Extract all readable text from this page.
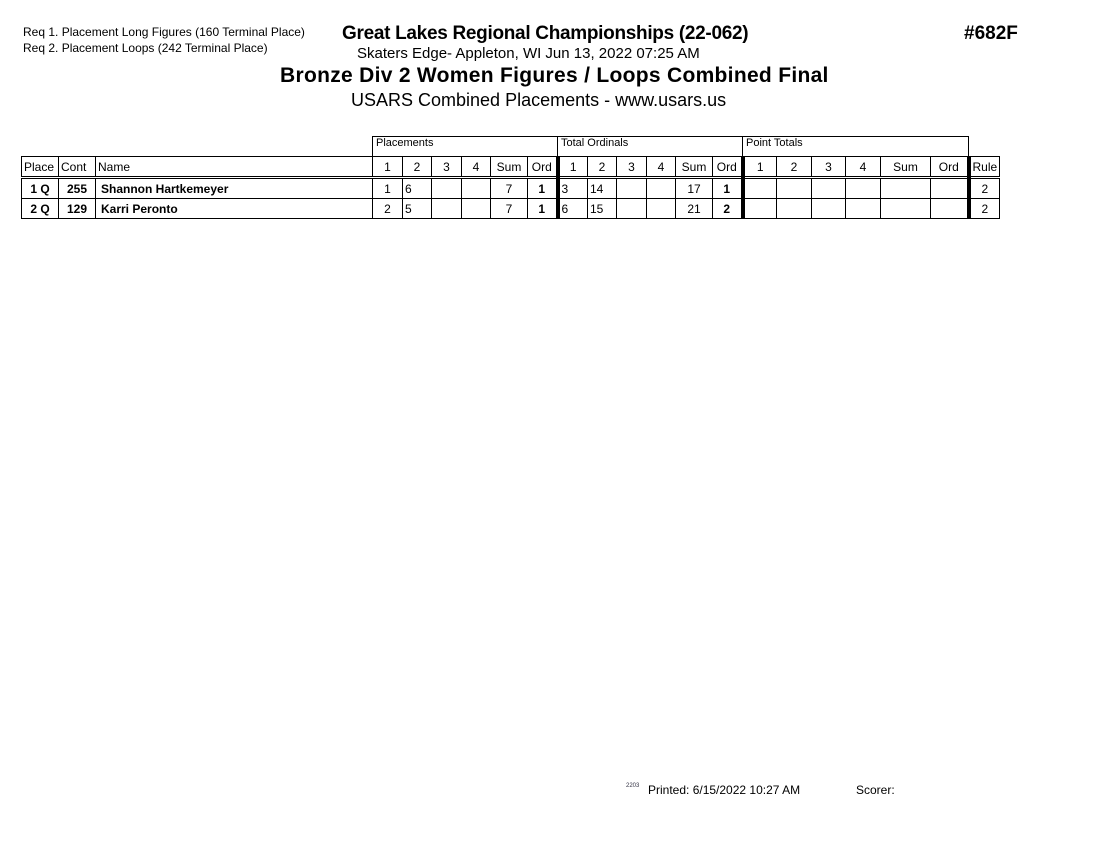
Req 1. Placement Long Figures (160 Terminal Place)
Req 2. Placement Loops (242 Terminal Place)
Great Lakes Regional Championships (22-062)
Skaters Edge- Appleton, WI Jun 13, 2022 07:25 AM
Bronze Div 2 Women Figures / Loops Combined Final
USARS Combined Placements - www.usars.us
#682F
			Placements						Total Ordinals						Point Totals						
Place	Cont	Name	1	2	3	4	Sum	Ord	1	2	3	4	Sum	Ord	1	2	3	4	Sum	Ord	Rule
1 Q	255	Shannon Hartkemeyer	1	6			7	1	3	14			17	1							2
2 Q	129	Karri Peronto	2	5			7	1	6	15			21	2							2
$^{2203}$ Printed: 6/15/2022 10:27 AM	Scorer:
